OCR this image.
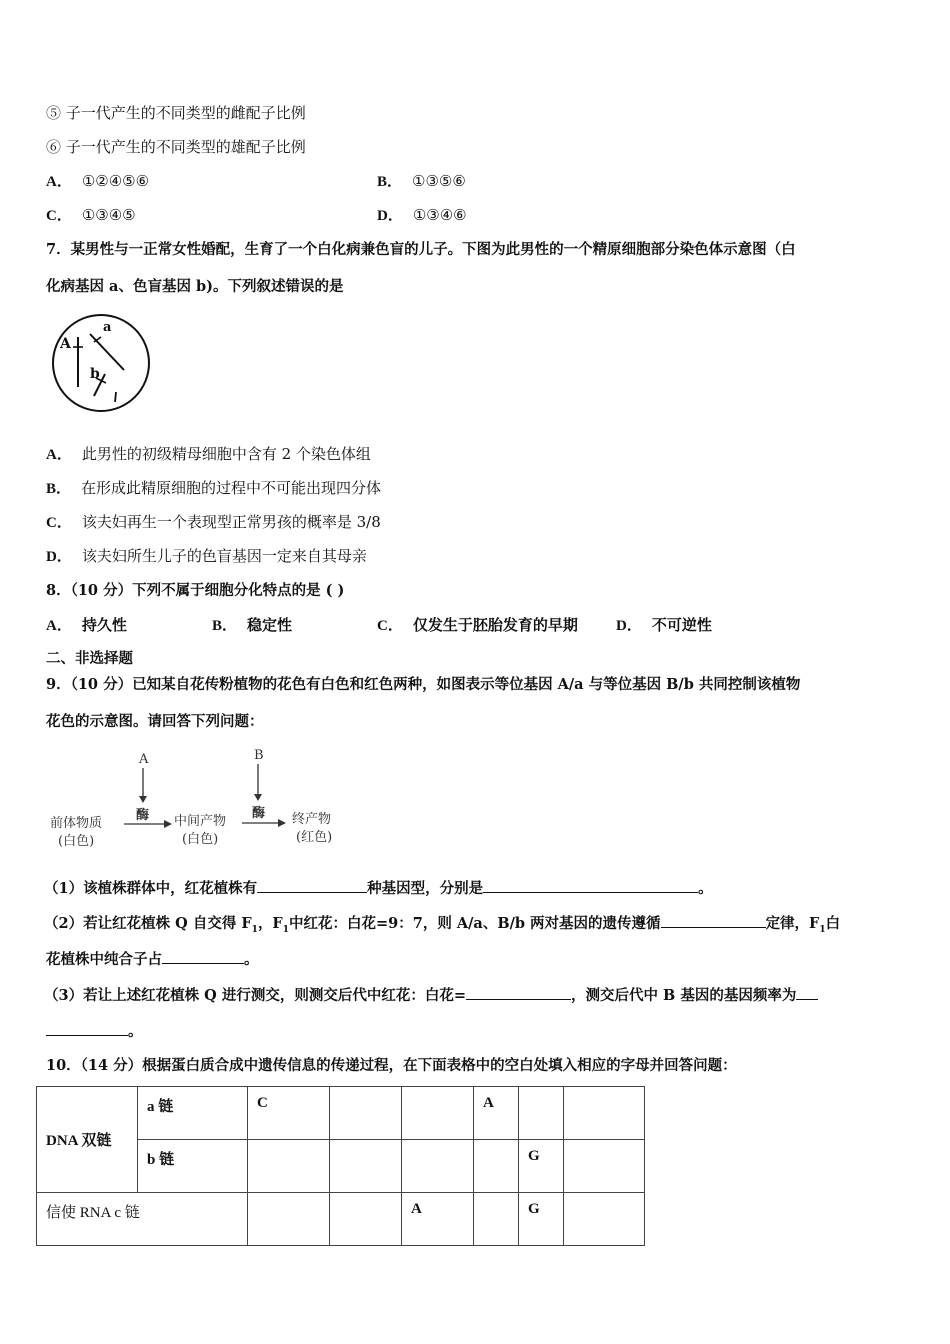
⑤ 子一代产生的不同类型的雌配子比例
⑥ 子一代产生的不同类型的雄配子比例
A． ①②④⑤⑥	B． ①③⑤⑥
C． ①③④⑤	D． ①③④⑥
7．某男性与一正常女性婚配，生育了一个白化病兼色盲的儿子。下图为此男性的一个精原细胞部分染色体示意图（白
化病基因 a、色盲基因 b)。下列叙述错误的是
A
a
b
A． 此男性的初级精母细胞中含有 2 个染色体组
B． 在形成此精原细胞的过程中不可能出现四分体
C． 该夫妇再生一个表现型正常男孩的概率是 3/8
D． 该夫妇所生儿子的色盲基因一定来自其母亲
8．（10 分）下列不属于细胞分化特点的是 ( )
A． 持久性	B． 稳定性	C． 仅发生于胚胎发育的早期	D． 不可逆性
二、非选择题
9．（10 分）已知某自花传粉植物的花色有白色和红色两种，如图表示等位基因 A/a 与等位基因 B/b 共同控制该植物
花色的示意图。请回答下列问题：
A	B
酶	酶
前体物质
(白色)
中间产物
(白色)
终产物
(红色)
（1）该植株群体中，红花植株有	种基因型，分别是	。
（2）若让红花植株 Q 自交得 $F_1$，$F_1$中红花：白花=9：7，则 A/a、B/b 两对基因的遗传遵循	定律，$F_1$白
花植株中纯合子占	。
（3）若让上述红花植株 Q 进行测交，则测交后代中红花：白花=	，测交后代中 B 基因的基因频率为
。
10．（14 分）根据蛋白质合成中遗传信息的传递过程，在下面表格中的空白处填入相应的字母并回答问题：
DNA 双链	a 链	C			A		
	b 链					G	
信使 RNA c 链				A		G	
